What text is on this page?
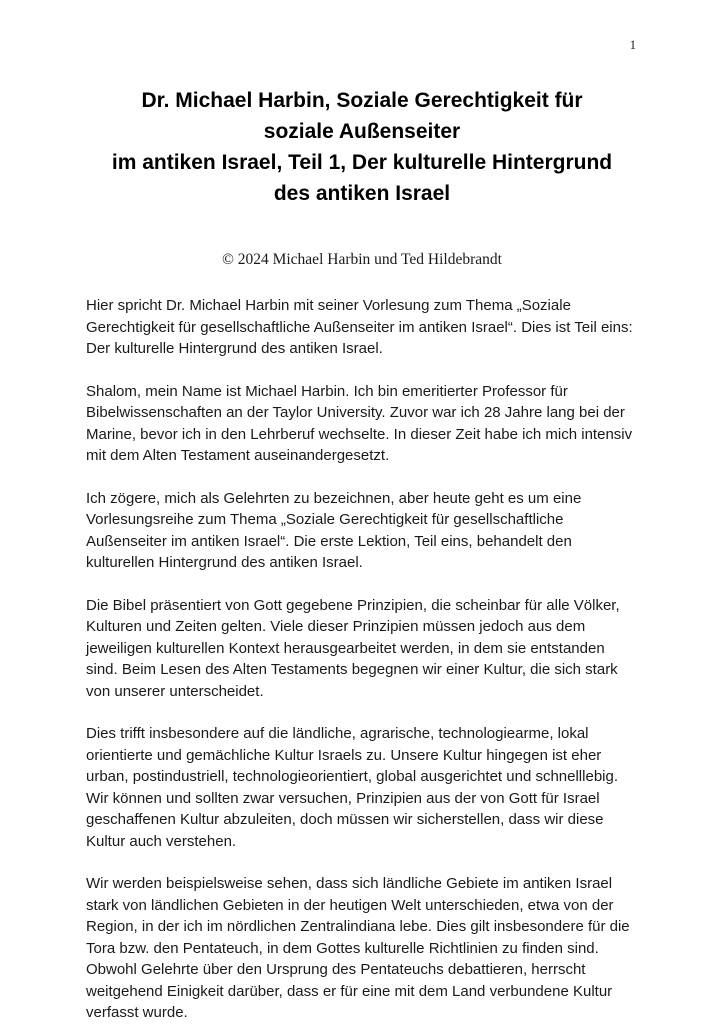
1
Dr. Michael Harbin, Soziale Gerechtigkeit für
soziale Außenseiter
im antiken Israel, Teil 1, Der kulturelle Hintergrund
des antiken Israel

© 2024 Michael Harbin und Ted Hildebrandt

Hier spricht Dr. Michael Harbin mit seiner Vorlesung zum Thema „Soziale Gerechtigkeit für gesellschaftliche Außenseiter im antiken Israel“. Dies ist Teil eins: Der kulturelle Hintergrund des antiken Israel.

Shalom, mein Name ist Michael Harbin. Ich bin emeritierter Professor für Bibelwissenschaften an der Taylor University. Zuvor war ich 28 Jahre lang bei der Marine, bevor ich in den Lehrberuf wechselte. In dieser Zeit habe ich mich intensiv mit dem Alten Testament auseinandergesetzt.

Ich zögere, mich als Gelehrten zu bezeichnen, aber heute geht es um eine Vorlesungsreihe zum Thema „Soziale Gerechtigkeit für gesellschaftliche Außenseiter im antiken Israel“. Die erste Lektion, Teil eins, behandelt den kulturellen Hintergrund des antiken Israel.

Die Bibel präsentiert von Gott gegebene Prinzipien, die scheinbar für alle Völker, Kulturen und Zeiten gelten. Viele dieser Prinzipien müssen jedoch aus dem jeweiligen kulturellen Kontext herausgearbeitet werden, in dem sie entstanden sind. Beim Lesen des Alten Testaments begegnen wir einer Kultur, die sich stark von unserer unterscheidet.

Dies trifft insbesondere auf die ländliche, agrarische, technologiearme, lokal orientierte und gemächliche Kultur Israels zu. Unsere Kultur hingegen ist eher urban, postindustriell, technologieorientiert, global ausgerichtet und schnelllebig. Wir können und sollten zwar versuchen, Prinzipien aus der von Gott für Israel geschaffenen Kultur abzuleiten, doch müssen wir sicherstellen, dass wir diese Kultur auch verstehen.

Wir werden beispielsweise sehen, dass sich ländliche Gebiete im antiken Israel stark von ländlichen Gebieten in der heutigen Welt unterschieden, etwa von der Region, in der ich im nördlichen Zentralindiana lebe. Dies gilt insbesondere für die Tora bzw. den Pentateuch, in dem Gottes kulturelle Richtlinien zu finden sind. Obwohl Gelehrte über den Ursprung des Pentateuchs debattieren, herrscht weitgehend Einigkeit darüber, dass er für eine mit dem Land verbundene Kultur verfasst wurde.
